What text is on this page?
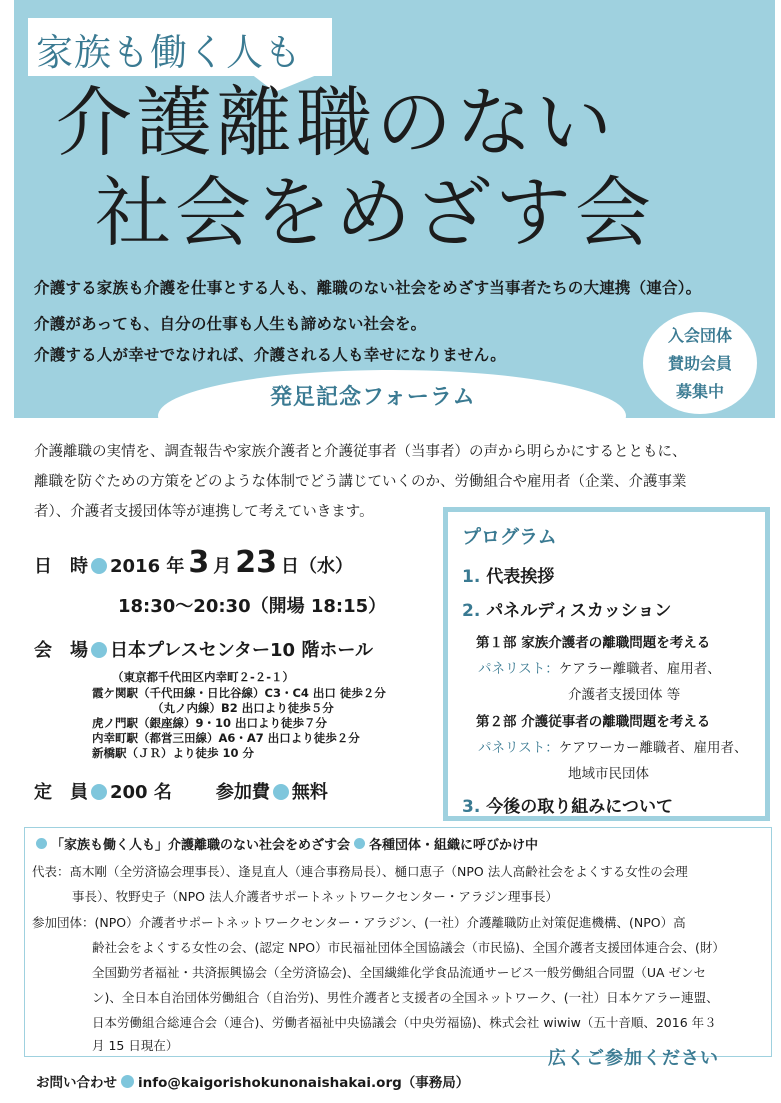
家族も働く人も
介護離職のない
社会をめざす会

介護する家族も介護を仕事とする人も、離職のない社会をめざす当事者たちの大連携（連合）。

介護があっても、自分の仕事も人生も諦めない社会を。

介護する人が幸せでなければ、介護される人も幸せになりません。

入会団体
賛助会員
募集中
発足記念フォーラム

介護離職の実情を、調査報告や家族介護者と介護従事者（当事者）の声から明らかにするとともに、

離職を防ぐための方策をどのような体制でどう講じていくのか、労働組合や雇用者（企業、介護事業

者）、介護者支援団体等が連携して考えていきます。

日　時 2016 年 3 月 23 日（水）
18:30〜20:30（開場 18:15）
会　場 日本プレスセンター10 階ホール

（東京都千代田区内幸町２-２-１）

霞ケ関駅（千代田線・日比谷線）C3・C4 出口 徒歩２分

（丸ノ内線）B2 出口より徒歩５分

虎ノ門駅（銀座線）9・10 出口より徒歩７分

内幸町駅（都営三田線）A6・A7 出口より徒歩２分

新橋駅（ＪＲ）より徒歩 10 分

定　員 200 名 参加費 無料
プログラム
1. 代表挨拶
2. パネルディスカッション
第１部 家族介護者の離職問題を考える
パネリスト：ケアラー離職者、雇用者、
介護者支援団体 等
第２部 介護従事者の離職問題を考える
パネリスト：ケアワーカー離職者、雇用者、
地域市民団体
3. 今後の取り組みについて
「家族も働く人も」介護離職のない社会をめざす会 各種団体・組織に呼びかけ中

代表：髙木剛（全労済協会理事長）、逢見直人（連合事務局長）、樋口恵子（NPO 法人高齢社会をよくする女性の会理

事長）、牧野史子（NPO 法人介護者サポートネットワークセンター・アラジン理事長）

参加団体：(NPO）介護者サポートネットワークセンター・アラジン、(一社）介護離職防止対策促進機構、(NPO）高

齢社会をよくする女性の会、(認定 NPO）市民福祉団体全国協議会（市民協)、全国介護者支援団体連合会、(財）

全国勤労者福祉・共済振興協会（全労済協会)、全国繊維化学食品流通サービス一般労働組合同盟（UA ゼンセ

ン)、全日本自治団体労働組合（自治労)、男性介護者と支援者の全国ネットワーク、(一社）日本ケアラー連盟、

日本労働組合総連合会（連合)、労働者福祉中央協議会（中央労福協)、株式会社 wiwiw（五十音順、2016 年３

月 15 日現在）

広くご参加ください
お問い合わせ info@kaigorishokunonaishakai.org（事務局）
